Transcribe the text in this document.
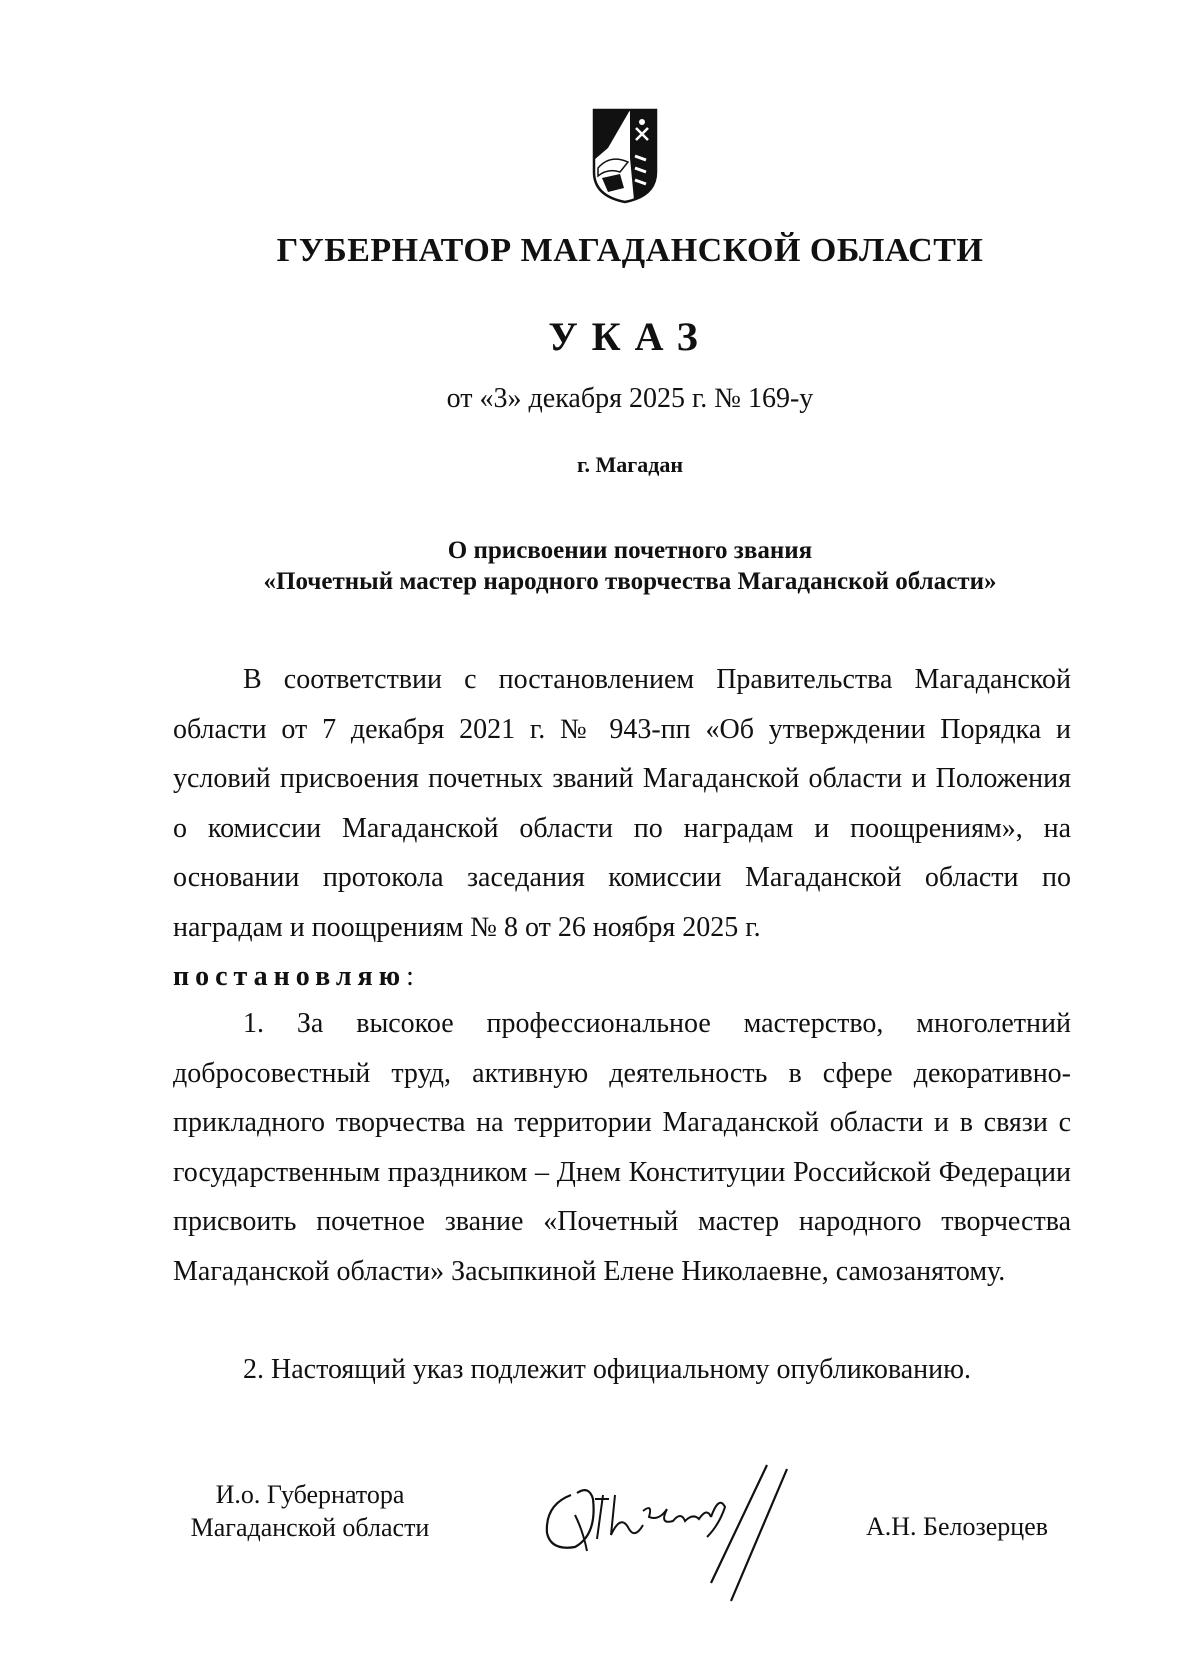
ГУБЕРНАТОР МАГАДАНСКОЙ ОБЛАСТИ
УКАЗ
от «3» декабря 2025 г. № 169-у
г. Магадан
О присвоении почетного звания
«Почетный мастер народного творчества Магаданской области»
В соответствии с постановлением Правительства Магаданской области от 7 декабря 2021 г. № 943-пп «Об утверждении Порядка и условий присвоения почетных званий Магаданской области и Положения о комиссии Магаданской области по наградам и поощрениям», на основании протокола заседания комиссии Магаданской области по наградам и поощрениям № 8 от 26 ноября 2025 г.
постановляю:
1. За высокое профессиональное мастерство, многолетний добросовестный труд, активную деятельность в сфере декоративно-прикладного творчества на территории Магаданской области и в связи с государственным праздником – Днем Конституции Российской Федерации присвоить почетное звание «Почетный мастер народного творчества Магаданской области» Засыпкиной Елене Николаевне, самозанятому.
2. Настоящий указ подлежит официальному опубликованию.
И.о. Губернатора
Магаданской области	А.Н. Белозерцев
